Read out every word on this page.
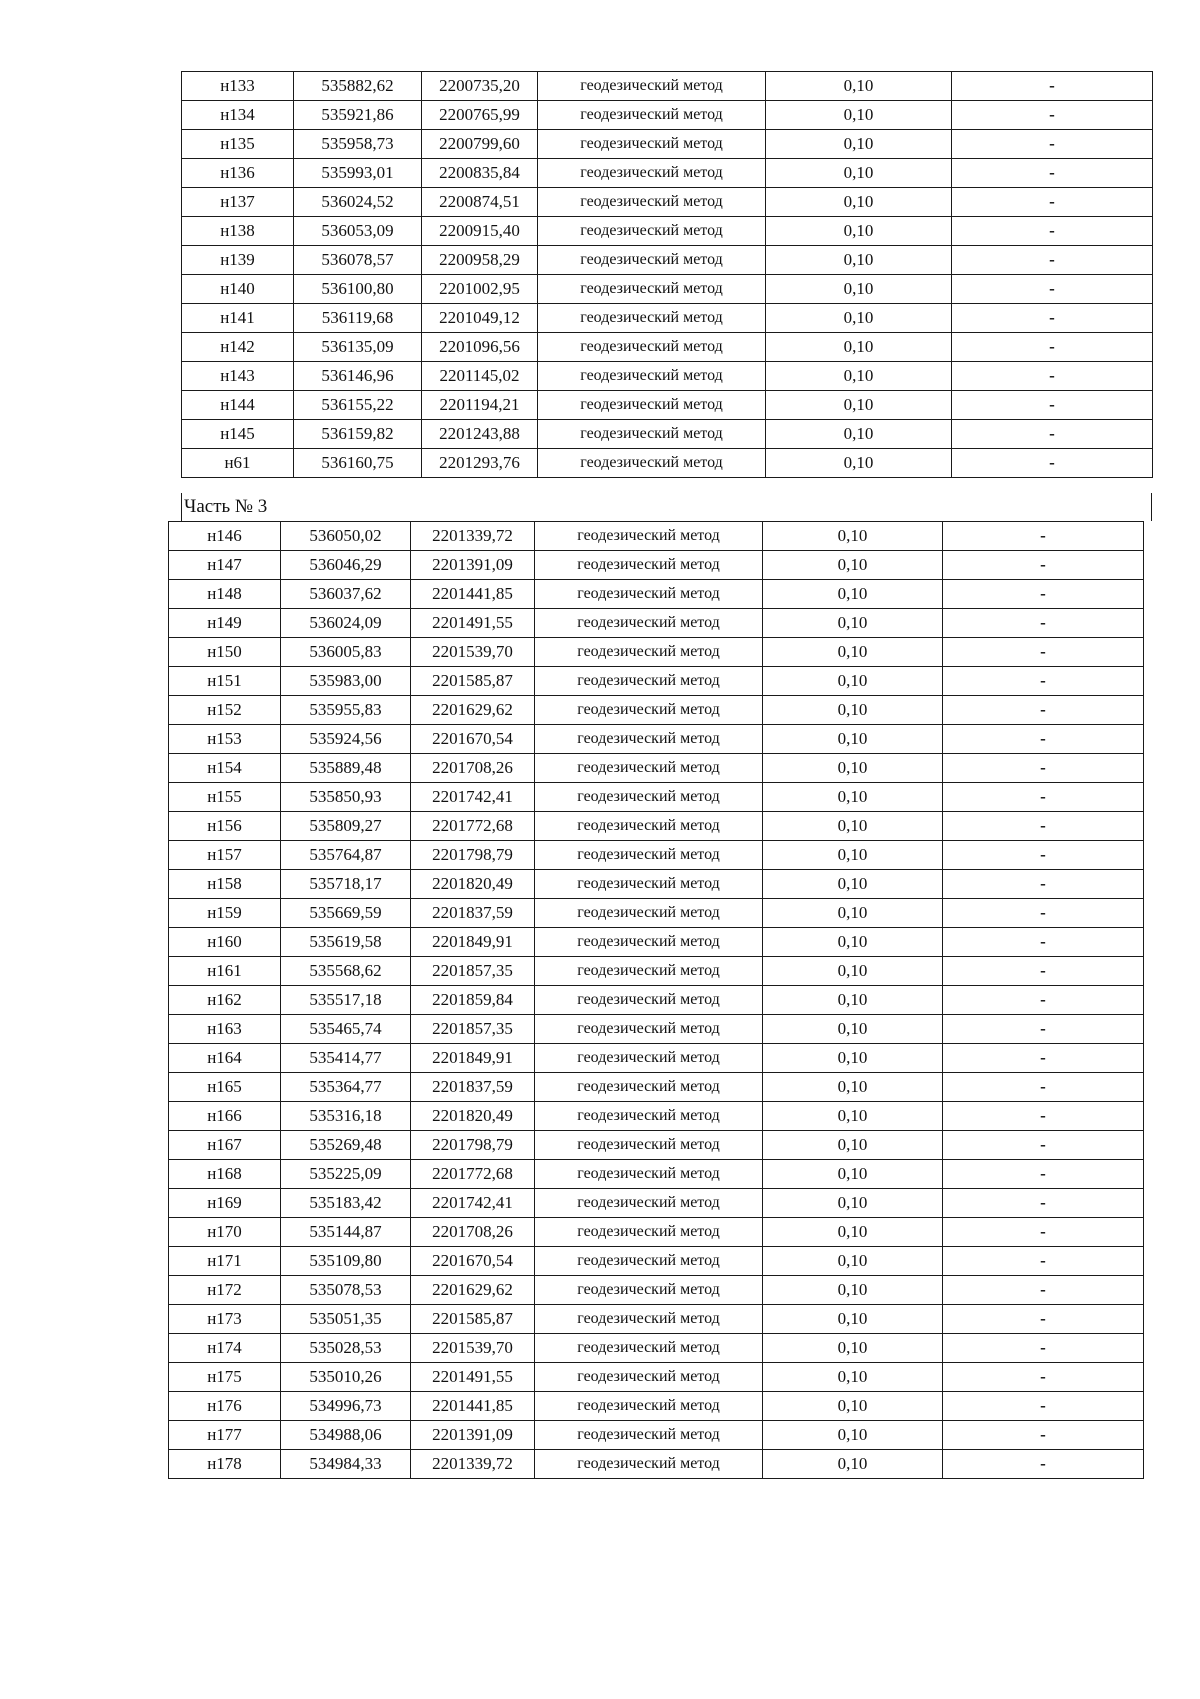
н133	535882,62	2200735,20	геодезический метод	0,10	-
н134	535921,86	2200765,99	геодезический метод	0,10	-
н135	535958,73	2200799,60	геодезический метод	0,10	-
н136	535993,01	2200835,84	геодезический метод	0,10	-
н137	536024,52	2200874,51	геодезический метод	0,10	-
н138	536053,09	2200915,40	геодезический метод	0,10	-
н139	536078,57	2200958,29	геодезический метод	0,10	-
н140	536100,80	2201002,95	геодезический метод	0,10	-
н141	536119,68	2201049,12	геодезический метод	0,10	-
н142	536135,09	2201096,56	геодезический метод	0,10	-
н143	536146,96	2201145,02	геодезический метод	0,10	-
н144	536155,22	2201194,21	геодезический метод	0,10	-
н145	536159,82	2201243,88	геодезический метод	0,10	-
н61	536160,75	2201293,76	геодезический метод	0,10	-
Часть № 3
н146	536050,02	2201339,72	геодезический метод	0,10	-
н147	536046,29	2201391,09	геодезический метод	0,10	-
н148	536037,62	2201441,85	геодезический метод	0,10	-
н149	536024,09	2201491,55	геодезический метод	0,10	-
н150	536005,83	2201539,70	геодезический метод	0,10	-
н151	535983,00	2201585,87	геодезический метод	0,10	-
н152	535955,83	2201629,62	геодезический метод	0,10	-
н153	535924,56	2201670,54	геодезический метод	0,10	-
н154	535889,48	2201708,26	геодезический метод	0,10	-
н155	535850,93	2201742,41	геодезический метод	0,10	-
н156	535809,27	2201772,68	геодезический метод	0,10	-
н157	535764,87	2201798,79	геодезический метод	0,10	-
н158	535718,17	2201820,49	геодезический метод	0,10	-
н159	535669,59	2201837,59	геодезический метод	0,10	-
н160	535619,58	2201849,91	геодезический метод	0,10	-
н161	535568,62	2201857,35	геодезический метод	0,10	-
н162	535517,18	2201859,84	геодезический метод	0,10	-
н163	535465,74	2201857,35	геодезический метод	0,10	-
н164	535414,77	2201849,91	геодезический метод	0,10	-
н165	535364,77	2201837,59	геодезический метод	0,10	-
н166	535316,18	2201820,49	геодезический метод	0,10	-
н167	535269,48	2201798,79	геодезический метод	0,10	-
н168	535225,09	2201772,68	геодезический метод	0,10	-
н169	535183,42	2201742,41	геодезический метод	0,10	-
н170	535144,87	2201708,26	геодезический метод	0,10	-
н171	535109,80	2201670,54	геодезический метод	0,10	-
н172	535078,53	2201629,62	геодезический метод	0,10	-
н173	535051,35	2201585,87	геодезический метод	0,10	-
н174	535028,53	2201539,70	геодезический метод	0,10	-
н175	535010,26	2201491,55	геодезический метод	0,10	-
н176	534996,73	2201441,85	геодезический метод	0,10	-
н177	534988,06	2201391,09	геодезический метод	0,10	-
н178	534984,33	2201339,72	геодезический метод	0,10	-
